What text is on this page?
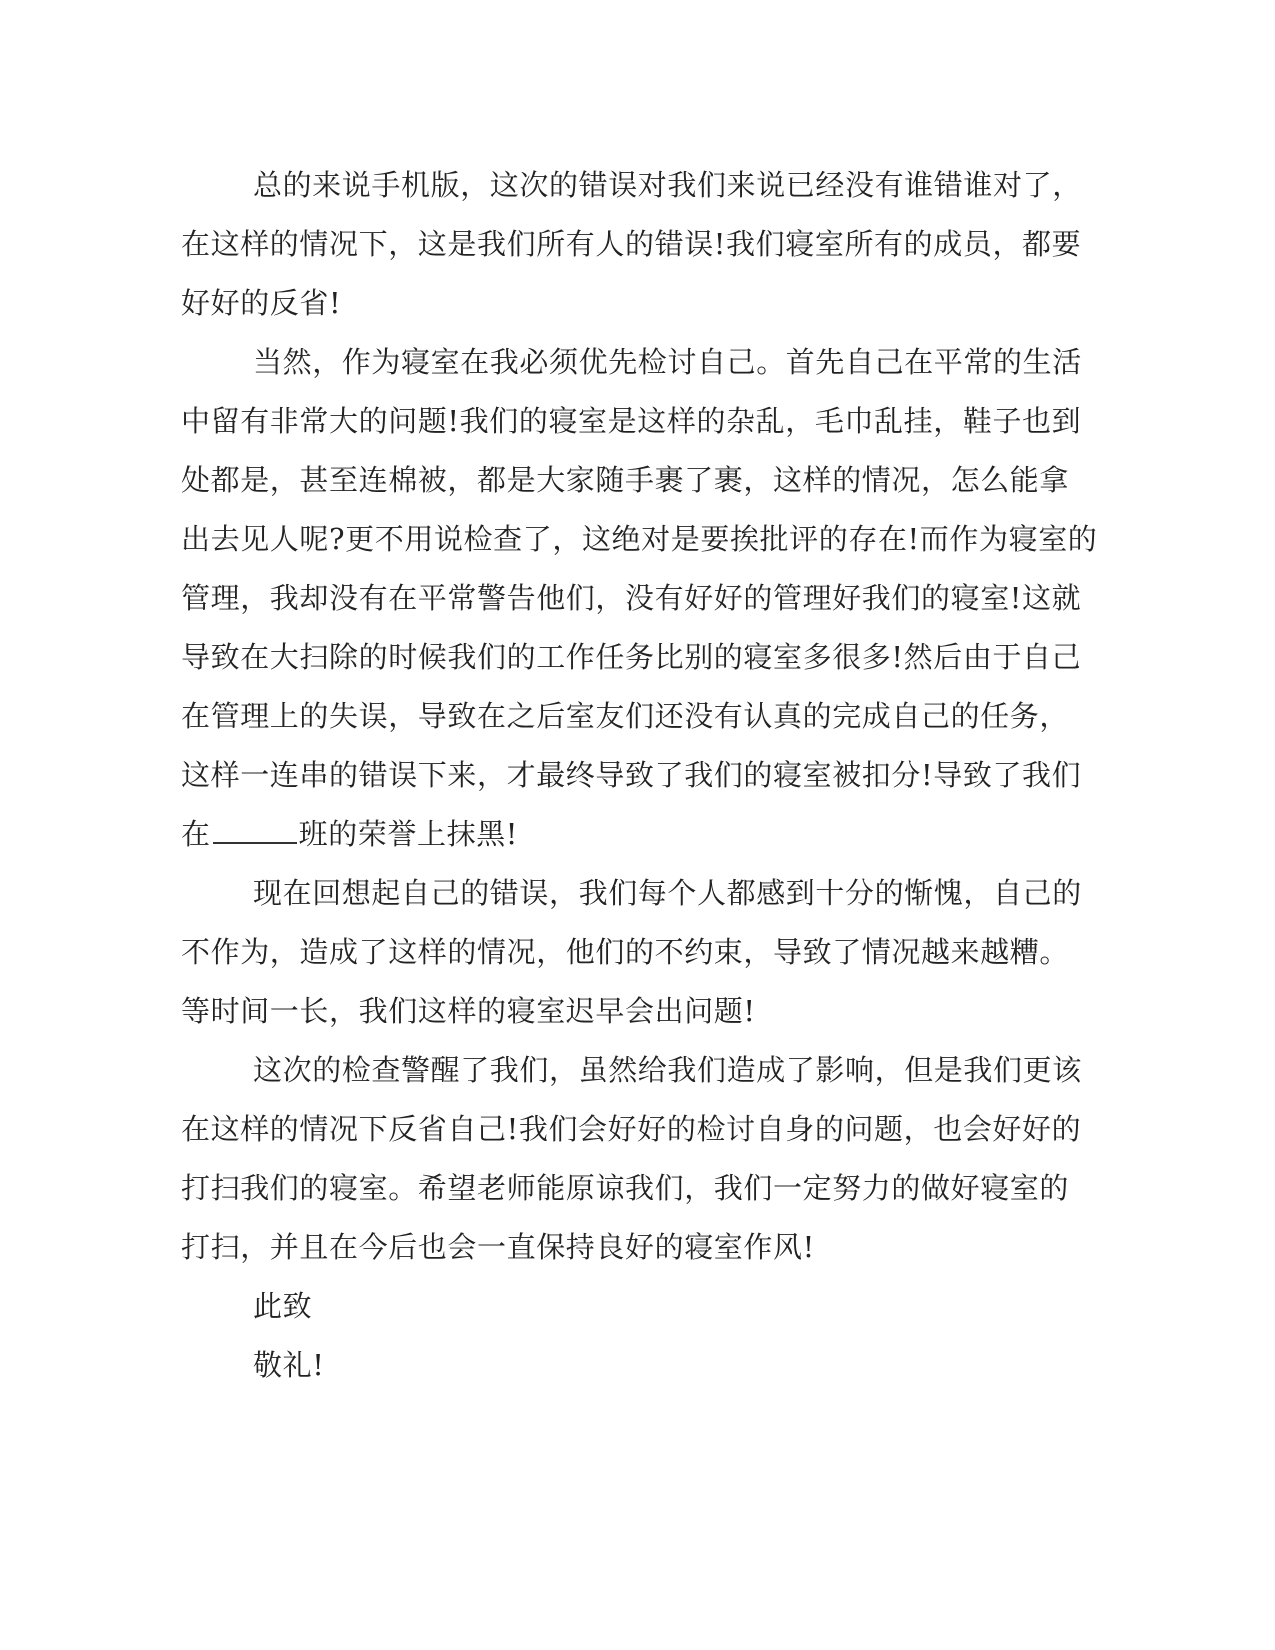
总的来说手机版，这次的错误对我们来说已经没有谁错谁对了，
在这样的情况下，这是我们所有人的错误!我们寝室所有的成员，都要
好好的反省!
当然，作为寝室在我必须优先检讨自己。首先自己在平常的生活
中留有非常大的问题!我们的寝室是这样的杂乱，毛巾乱挂，鞋子也到
处都是，甚至连棉被，都是大家随手裹了裹，这样的情况，怎么能拿
出去见人呢?更不用说检查了，这绝对是要挨批评的存在!而作为寝室的
管理，我却没有在平常警告他们，没有好好的管理好我们的寝室!这就
导致在大扫除的时候我们的工作任务比别的寝室多很多!然后由于自己
在管理上的失误，导致在之后室友们还没有认真的完成自己的任务，
这样一连串的错误下来，才最终导致了我们的寝室被扣分!导致了我们
在	班的荣誉上抹黑!
现在回想起自己的错误，我们每个人都感到十分的惭愧，自己的
不作为，造成了这样的情况，他们的不约束，导致了情况越来越糟。
等时间一长，我们这样的寝室迟早会出问题!
这次的检查警醒了我们，虽然给我们造成了影响，但是我们更该
在这样的情况下反省自己!我们会好好的检讨自身的问题，也会好好的
打扫我们的寝室。希望老师能原谅我们，我们一定努力的做好寝室的
打扫，并且在今后也会一直保持良好的寝室作风!
此致
敬礼!
